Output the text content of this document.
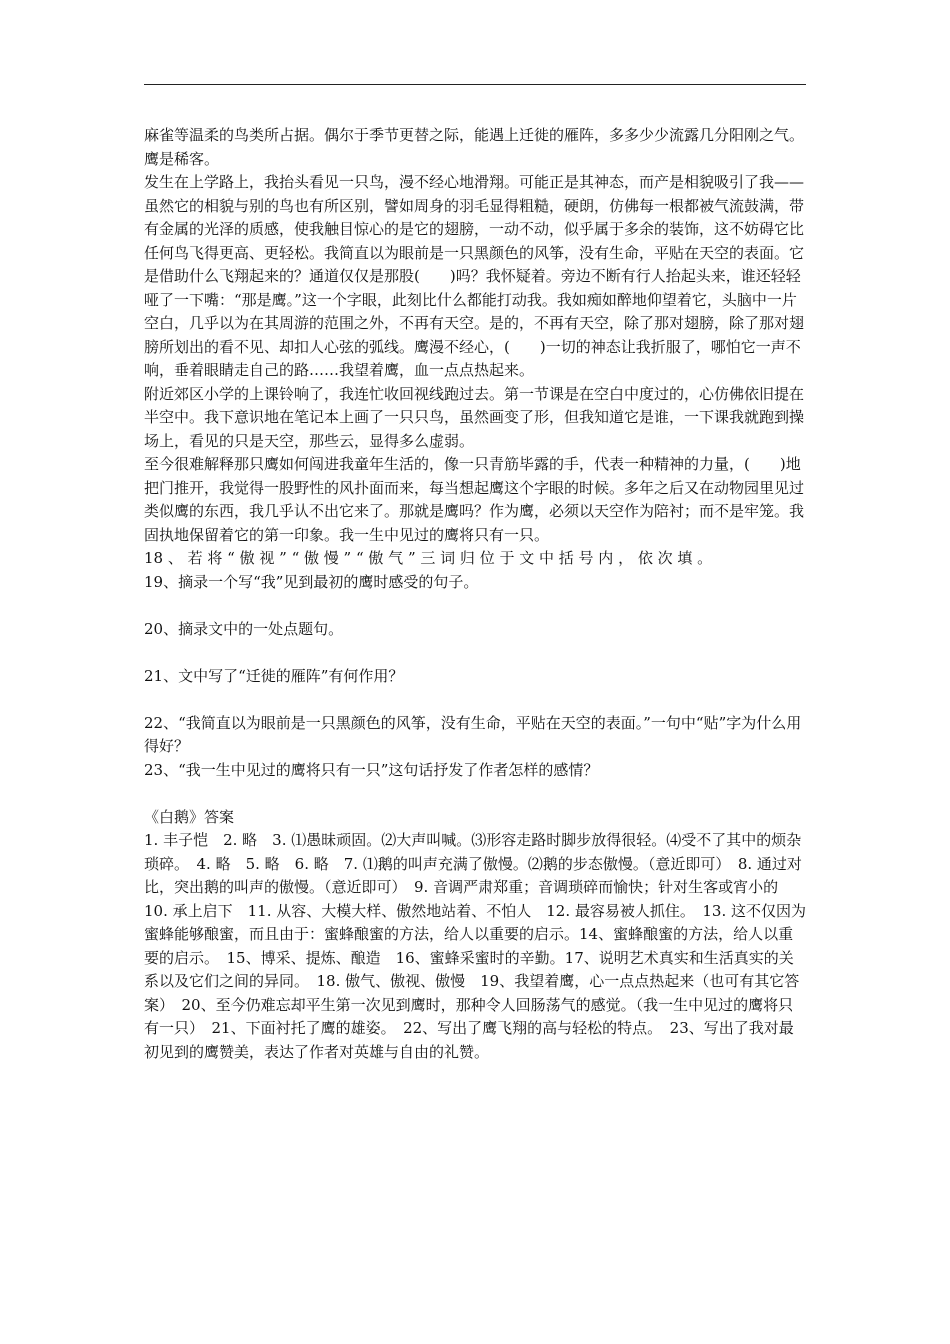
麻雀等温柔的鸟类所占据。偶尔于季节更替之际，能遇上迁徙的雁阵，多多少少流露几分阳刚之气。鹰是稀客。

发生在上学路上，我抬头看见一只鸟，漫不经心地滑翔。可能正是其神态，而产是相貌吸引了我——虽然它的相貌与别的鸟也有所区别，譬如周身的羽毛显得粗糙，硬朗，仿佛每一根都被气流鼓满，带有金属的光泽的质感，使我触目惊心的是它的翅膀，一动不动，似乎属于多余的装饰，这不妨碍它比任何鸟飞得更高、更轻松。我简直以为眼前是一只黑颜色的风筝，没有生命，平贴在天空的表面。它是借助什么飞翔起来的？通道仅仅是那股(　　)吗？我怀疑着。旁边不断有行人抬起头来，谁还轻轻哑了一下嘴：“那是鹰。”这一个字眼，此刻比什么都能打动我。我如痴如醉地仰望着它，头脑中一片空白，几乎以为在其周游的范围之外，不再有天空。是的，不再有天空，除了那对翅膀，除了那对翅膀所划出的看不见、却扣人心弦的弧线。鹰漫不经心，(　　)一切的神态让我折服了，哪怕它一声不响，垂着眼睛走自己的路……我望着鹰，血一点点热起来。

附近郊区小学的上课铃响了，我连忙收回视线跑过去。第一节课是在空白中度过的，心仿佛依旧提在半空中。我下意识地在笔记本上画了一只只鸟，虽然画变了形，但我知道它是谁，一下课我就跑到操场上，看见的只是天空，那些云，显得多么虚弱。

至今很难解释那只鹰如何闯进我童年生活的，像一只青筋毕露的手，代表一种精神的力量，(　　)地把门推开，我觉得一股野性的风扑面而来，每当想起鹰这个字眼的时候。多年之后又在动物园里见过类似鹰的东西，我几乎认不出它来了。那就是鹰吗？作为鹰，必须以天空作为陪衬；而不是牢笼。我固执地保留着它的第一印象。我一生中见过的鹰将只有一只。

18 、 若 将 “ 傲 视 ” “ 傲 慢 ” “ 傲 气 ” 三 词 归 位 于 文 中 括 号 内 ， 依 次 填 。

19、摘录一个写“我”见到最初的鹰时感受的句子。

20、摘录文中的一处点题句。

21、文中写了“迁徙的雁阵”有何作用？

22、“我简直以为眼前是一只黑颜色的风筝，没有生命，平贴在天空的表面。”一句中“贴”字为什么用得好？

23、“我一生中见过的鹰将只有一只”这句话抒发了作者怎样的感情？

《白鹅》答案

1. 丰子恺　2. 略　3. ⑴愚昧顽固。⑵大声叫喊。⑶形容走路时脚步放得很轻。⑷受不了其中的烦杂琐碎。　4. 略　5. 略　6. 略　7. ⑴鹅的叫声充满了傲慢。⑵鹅的步态傲慢。（意近即可）　8. 通过对比，突出鹅的叫声的傲慢。（意近即可）　9. 音调严肃郑重；音调琐碎而愉快；针对生客或宵小的　10. 承上启下　11. 从容、大模大样、傲然地站着、不怕人　12. 最容易被人抓住。　13. 这不仅因为蜜蜂能够酿蜜，而且由于：蜜蜂酿蜜的方法，给人以重要的启示。14、蜜蜂酿蜜的方法，给人以重要的启示。　15、博采、提炼、酿造　16、蜜蜂采蜜时的辛勤。17、说明艺术真实和生活真实的关系以及它们之间的异同。　18. 傲气、傲视、傲慢　19、我望着鹰，心一点点热起来（也可有其它答案）　20、至今仍难忘却平生第一次见到鹰时，那种令人回肠荡气的感觉。（我一生中见过的鹰将只有一只）　21、下面衬托了鹰的雄姿。　22、写出了鹰飞翔的高与轻松的特点。　23、写出了我对最初见到的鹰赞美，表达了作者对英雄与自由的礼赞。
